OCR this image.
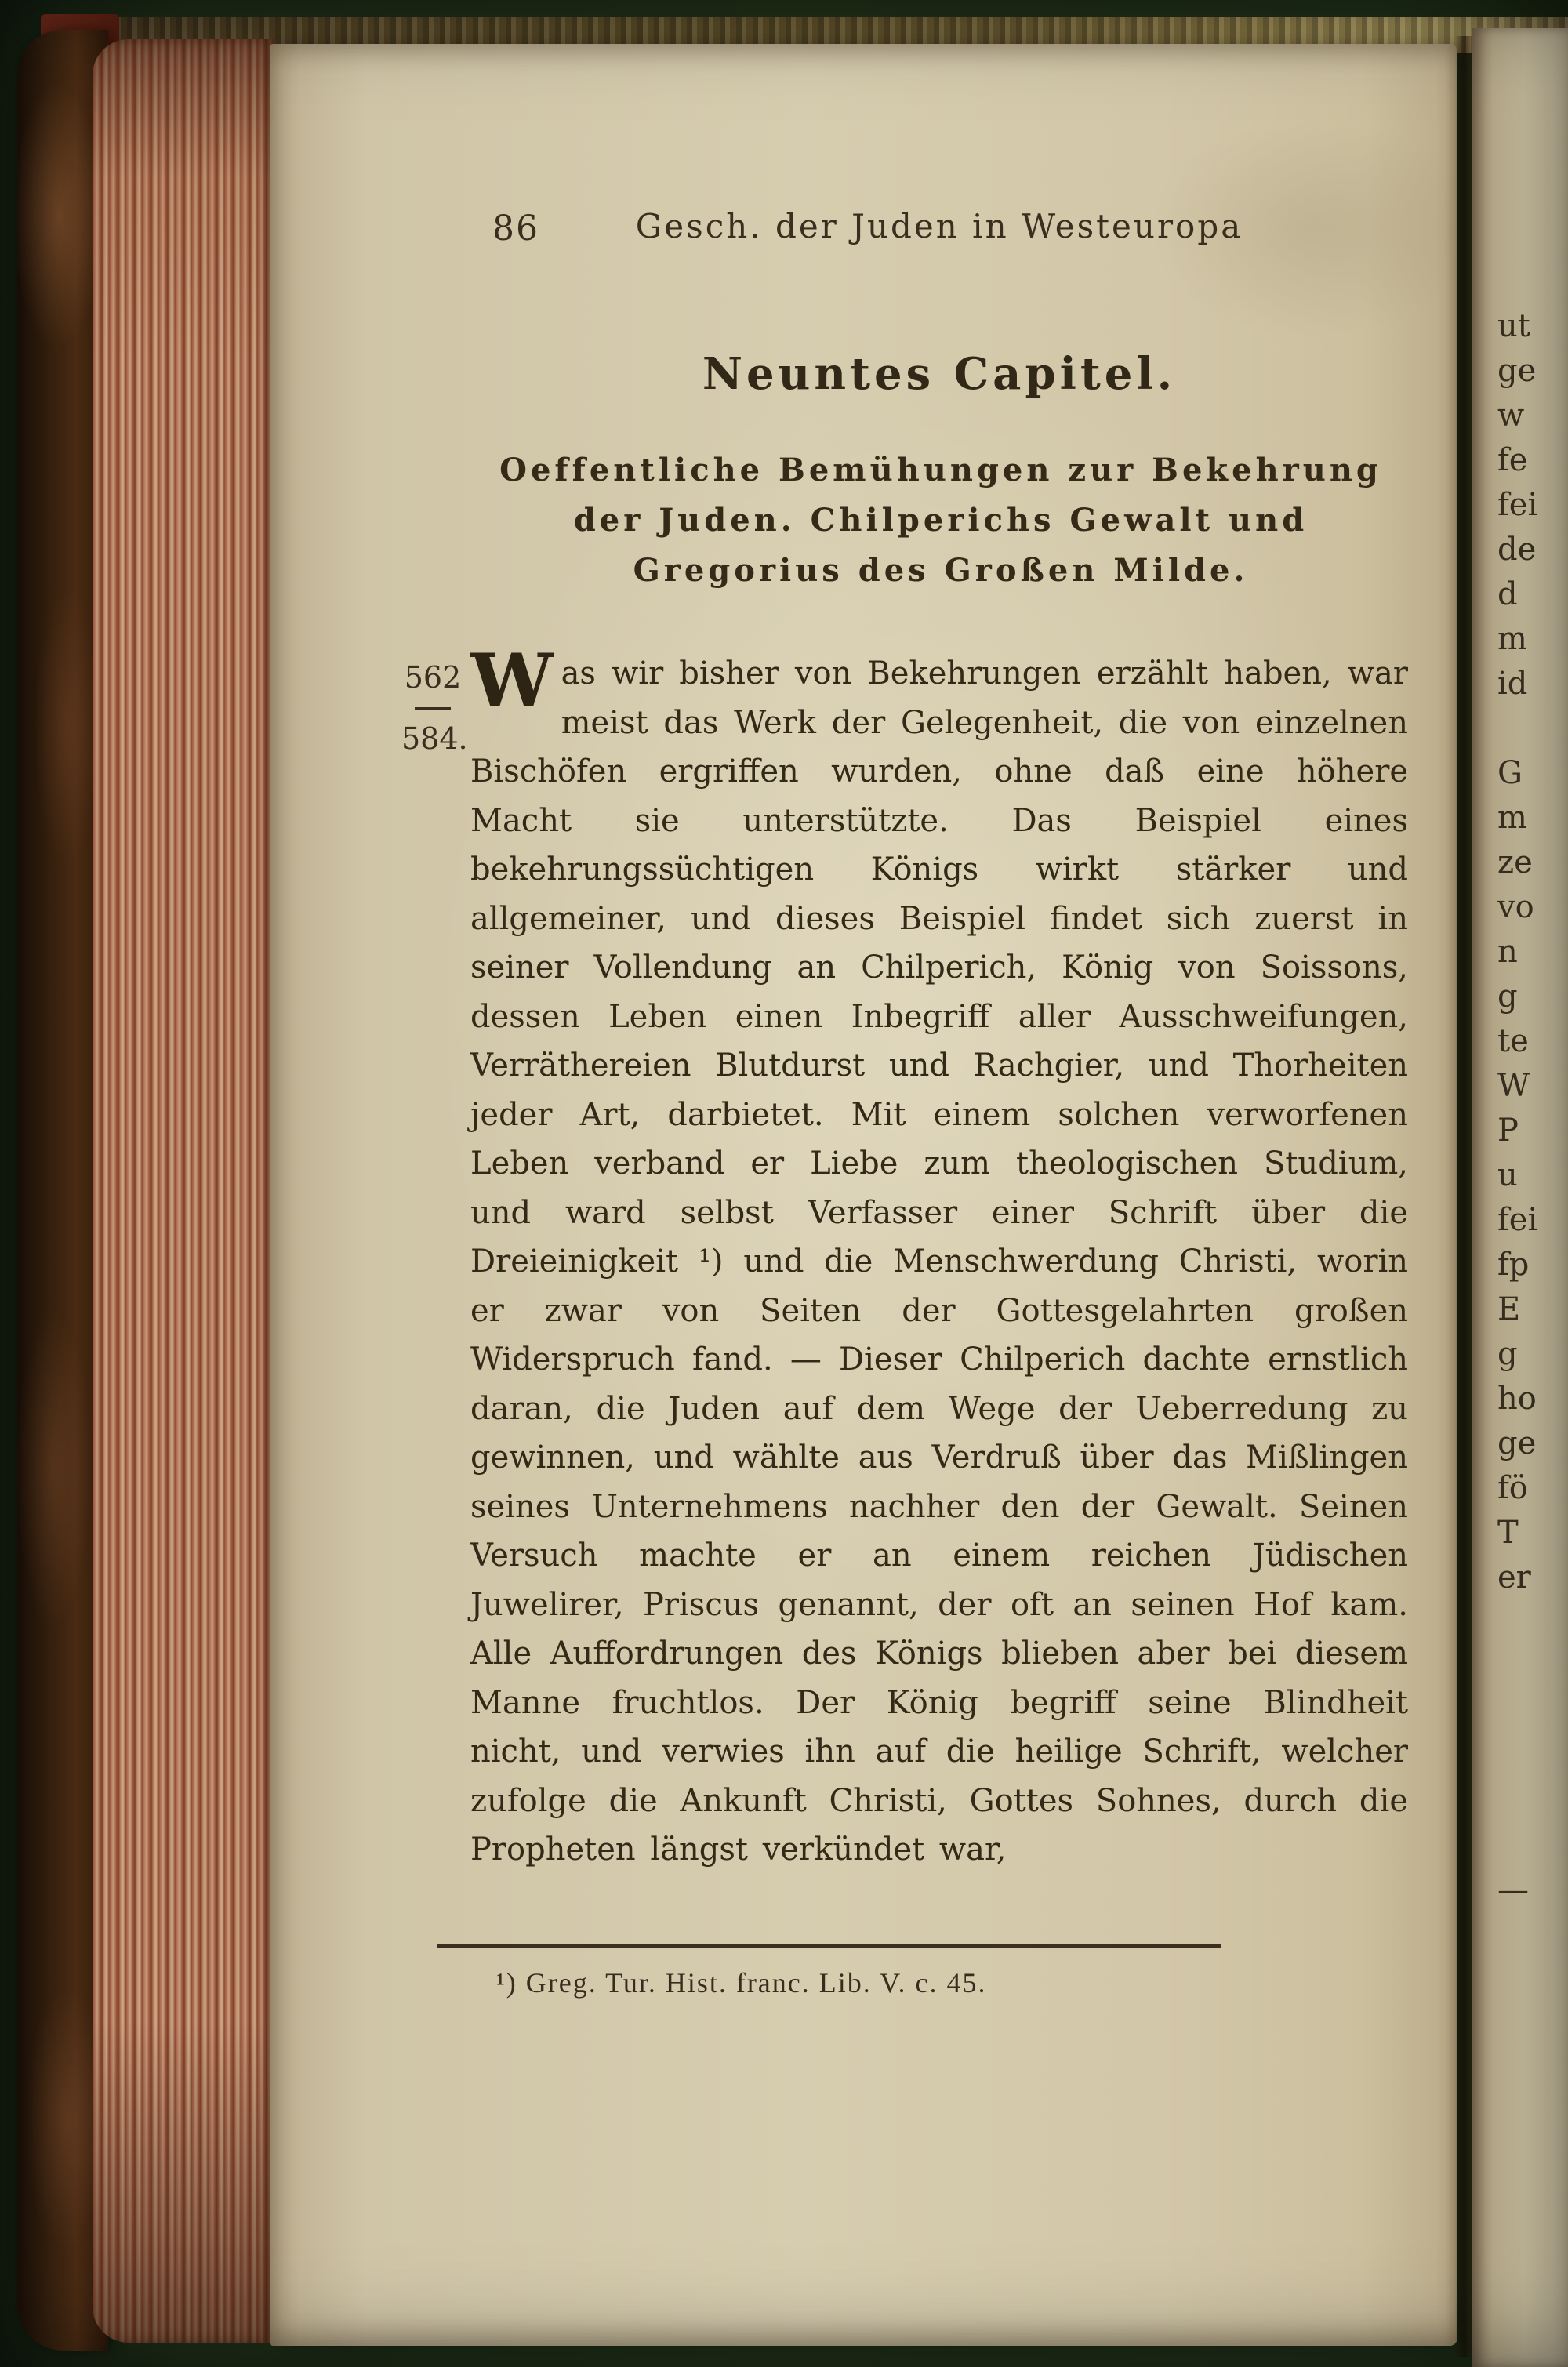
86	Gesch. der Juden in Westeuropa
Neuntes Capitel.

Oeffentliche Bemühungen zur Bekehrung der Juden. Chilperichs Gewalt und Gregorius des Großen Milde.

562
584.

Was wir bisher von Bekehrungen erzählt haben, war meist das Werk der Gelegenheit, die von einzelnen Bischöfen ergriffen wurden, ohne daß eine höhere Macht sie unterstützte. Das Beispiel eines bekehrungssüchtigen Königs wirkt stärker und allgemeiner, und dieses Beispiel findet sich zuerst in seiner Vollendung an Chilperich, König von Soissons, dessen Leben einen Inbegriff aller Ausschweifungen, Verräthereien Blutdurst und Rachgier, und Thorheiten jeder Art, darbietet. Mit einem solchen verworfenen Leben verband er Liebe zum theologischen Studium, und ward selbst Verfasser einer Schrift über die Dreieinigkeit ¹) und die Menschwerdung Christi, worin er zwar von Seiten der Gottesgelahrten großen Widerspruch fand. — Dieser Chilperich dachte ernstlich daran, die Juden auf dem Wege der Ueberredung zu gewinnen, und wählte aus Verdruß über das Mißlingen seines Unternehmens nachher den der Gewalt. Seinen Versuch machte er an einem reichen Jüdischen Juwelirer, Priscus genannt, der oft an seinen Hof kam. Alle Auffordrungen des Königs blieben aber bei diesem Manne fruchtlos. Der König begriff seine Blindheit nicht, und verwies ihn auf die heilige Schrift, welcher zufolge die Ankunft Christi, Gottes Sohnes, durch die Propheten längst verkündet war,

¹) Greg. Tur. Hist. franc. Lib. V. c. 45.

ut
ge
w
fe
fei
de
d
m
id
G
m
ze
vo
n
g
te
W
P
u
fei
fp
E
g
ho
ge
fö
T
er
—
